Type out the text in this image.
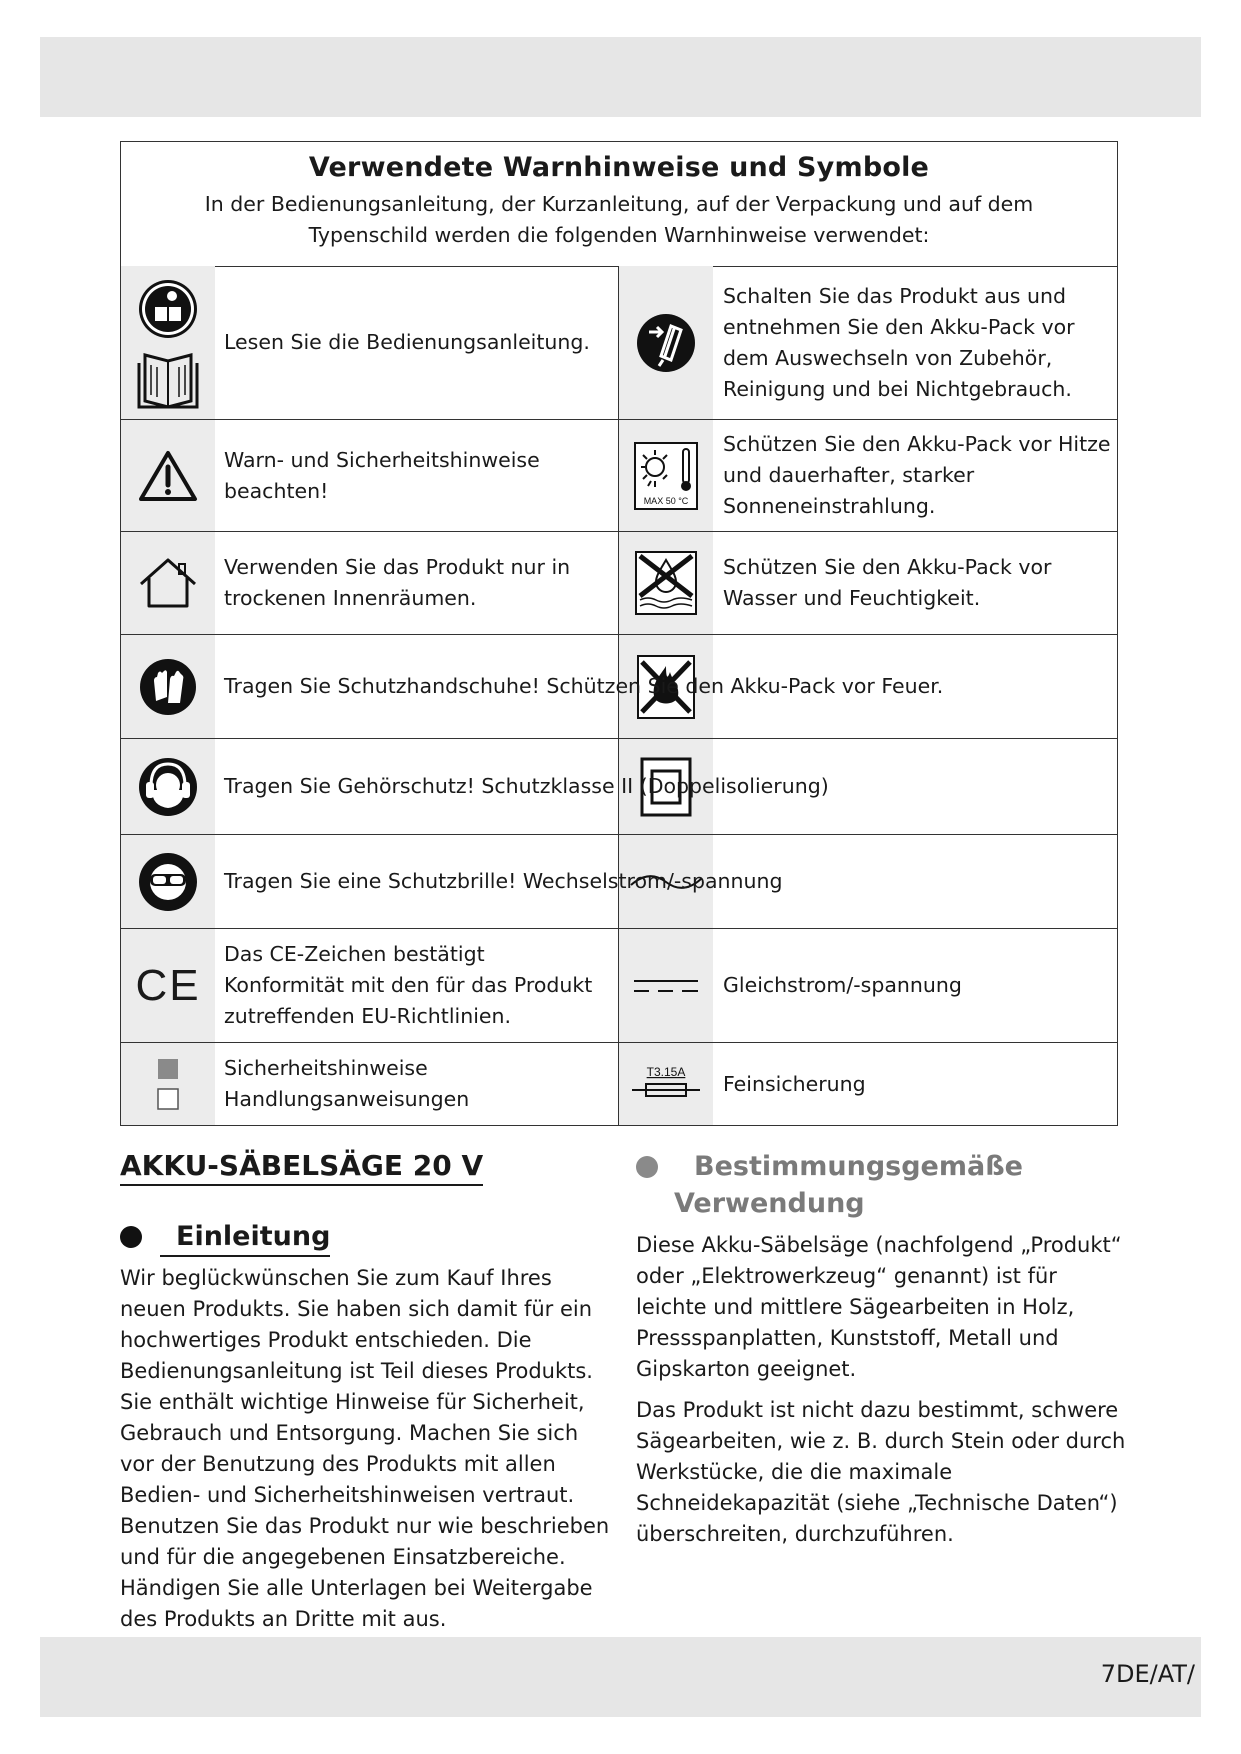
Verwendete Warnhinweise und Symbole
In der Bedienungsanleitung, der Kurzanleitung, auf der Verpackung und auf dem Typenschild werden die folgenden Warnhinweise verwendet:
Lesen Sie die Bedienungsanleitung.
Schalten Sie das Produkt aus und entnehmen Sie den Akku-Pack vor dem Auswechseln von Zubehör, Reinigung und bei Nichtgebrauch.
Warn- und Sicherheitshinweise beachten!	MAX 50 °C
Schützen Sie den Akku-Pack vor Hitze und dauerhafter, starker Sonneneinstrahlung.
Verwenden Sie das Produkt nur in trockenen Innenräumen.
Schützen Sie den Akku-Pack vor Wasser und Feuchtigkeit.
Tragen Sie Schutzhandschuhe! Schützen Sie den Akku-Pack vor Feuer.
Tragen Sie Gehörschutz! Schutzklasse II (Doppelisolierung)
Tragen Sie eine Schutzbrille! Wechselstrom/-spannung
CE
Das CE-Zeichen bestätigt Konformität mit den für das Produkt zutreffenden EU-Richtlinien.
Gleichstrom/-spannung
Sicherheitshinweise
Handlungsanweisungen
T3.15A Feinsicherung
AKKU-SÄBELSÄGE 20 V
Einleitung

Wir beglückwünschen Sie zum Kauf Ihres neuen Produkts. Sie haben sich damit für ein hochwertiges Produkt entschieden. Die Bedienungsanleitung ist Teil dieses Produkts. Sie enthält wichtige Hinweise für Sicherheit, Gebrauch und Entsorgung. Machen Sie sich vor der Benutzung des Produkts mit allen Bedien- und Sicherheitshinweisen vertraut. Benutzen Sie das Produkt nur wie beschrieben und für die angegebenen Einsatzbereiche. Händigen Sie alle Unterlagen bei Weitergabe des Produkts an Dritte mit aus.

Bestimmungsgemäße
Verwendung

Diese Akku-Säbelsäge (nachfolgend „Produkt“ oder „Elektrowerkzeug“ genannt) ist für leichte und mittlere Sägearbeiten in Holz, Pressspanplatten, Kunststoff, Metall und Gipskarton geeignet.

Das Produkt ist nicht dazu bestimmt, schwere Sägearbeiten, wie z. B. durch Stein oder durch Werkstücke, die die maximale Schneidekapazität (siehe „Technische Daten“) überschreiten, durchzuführen.

7DE/AT/
